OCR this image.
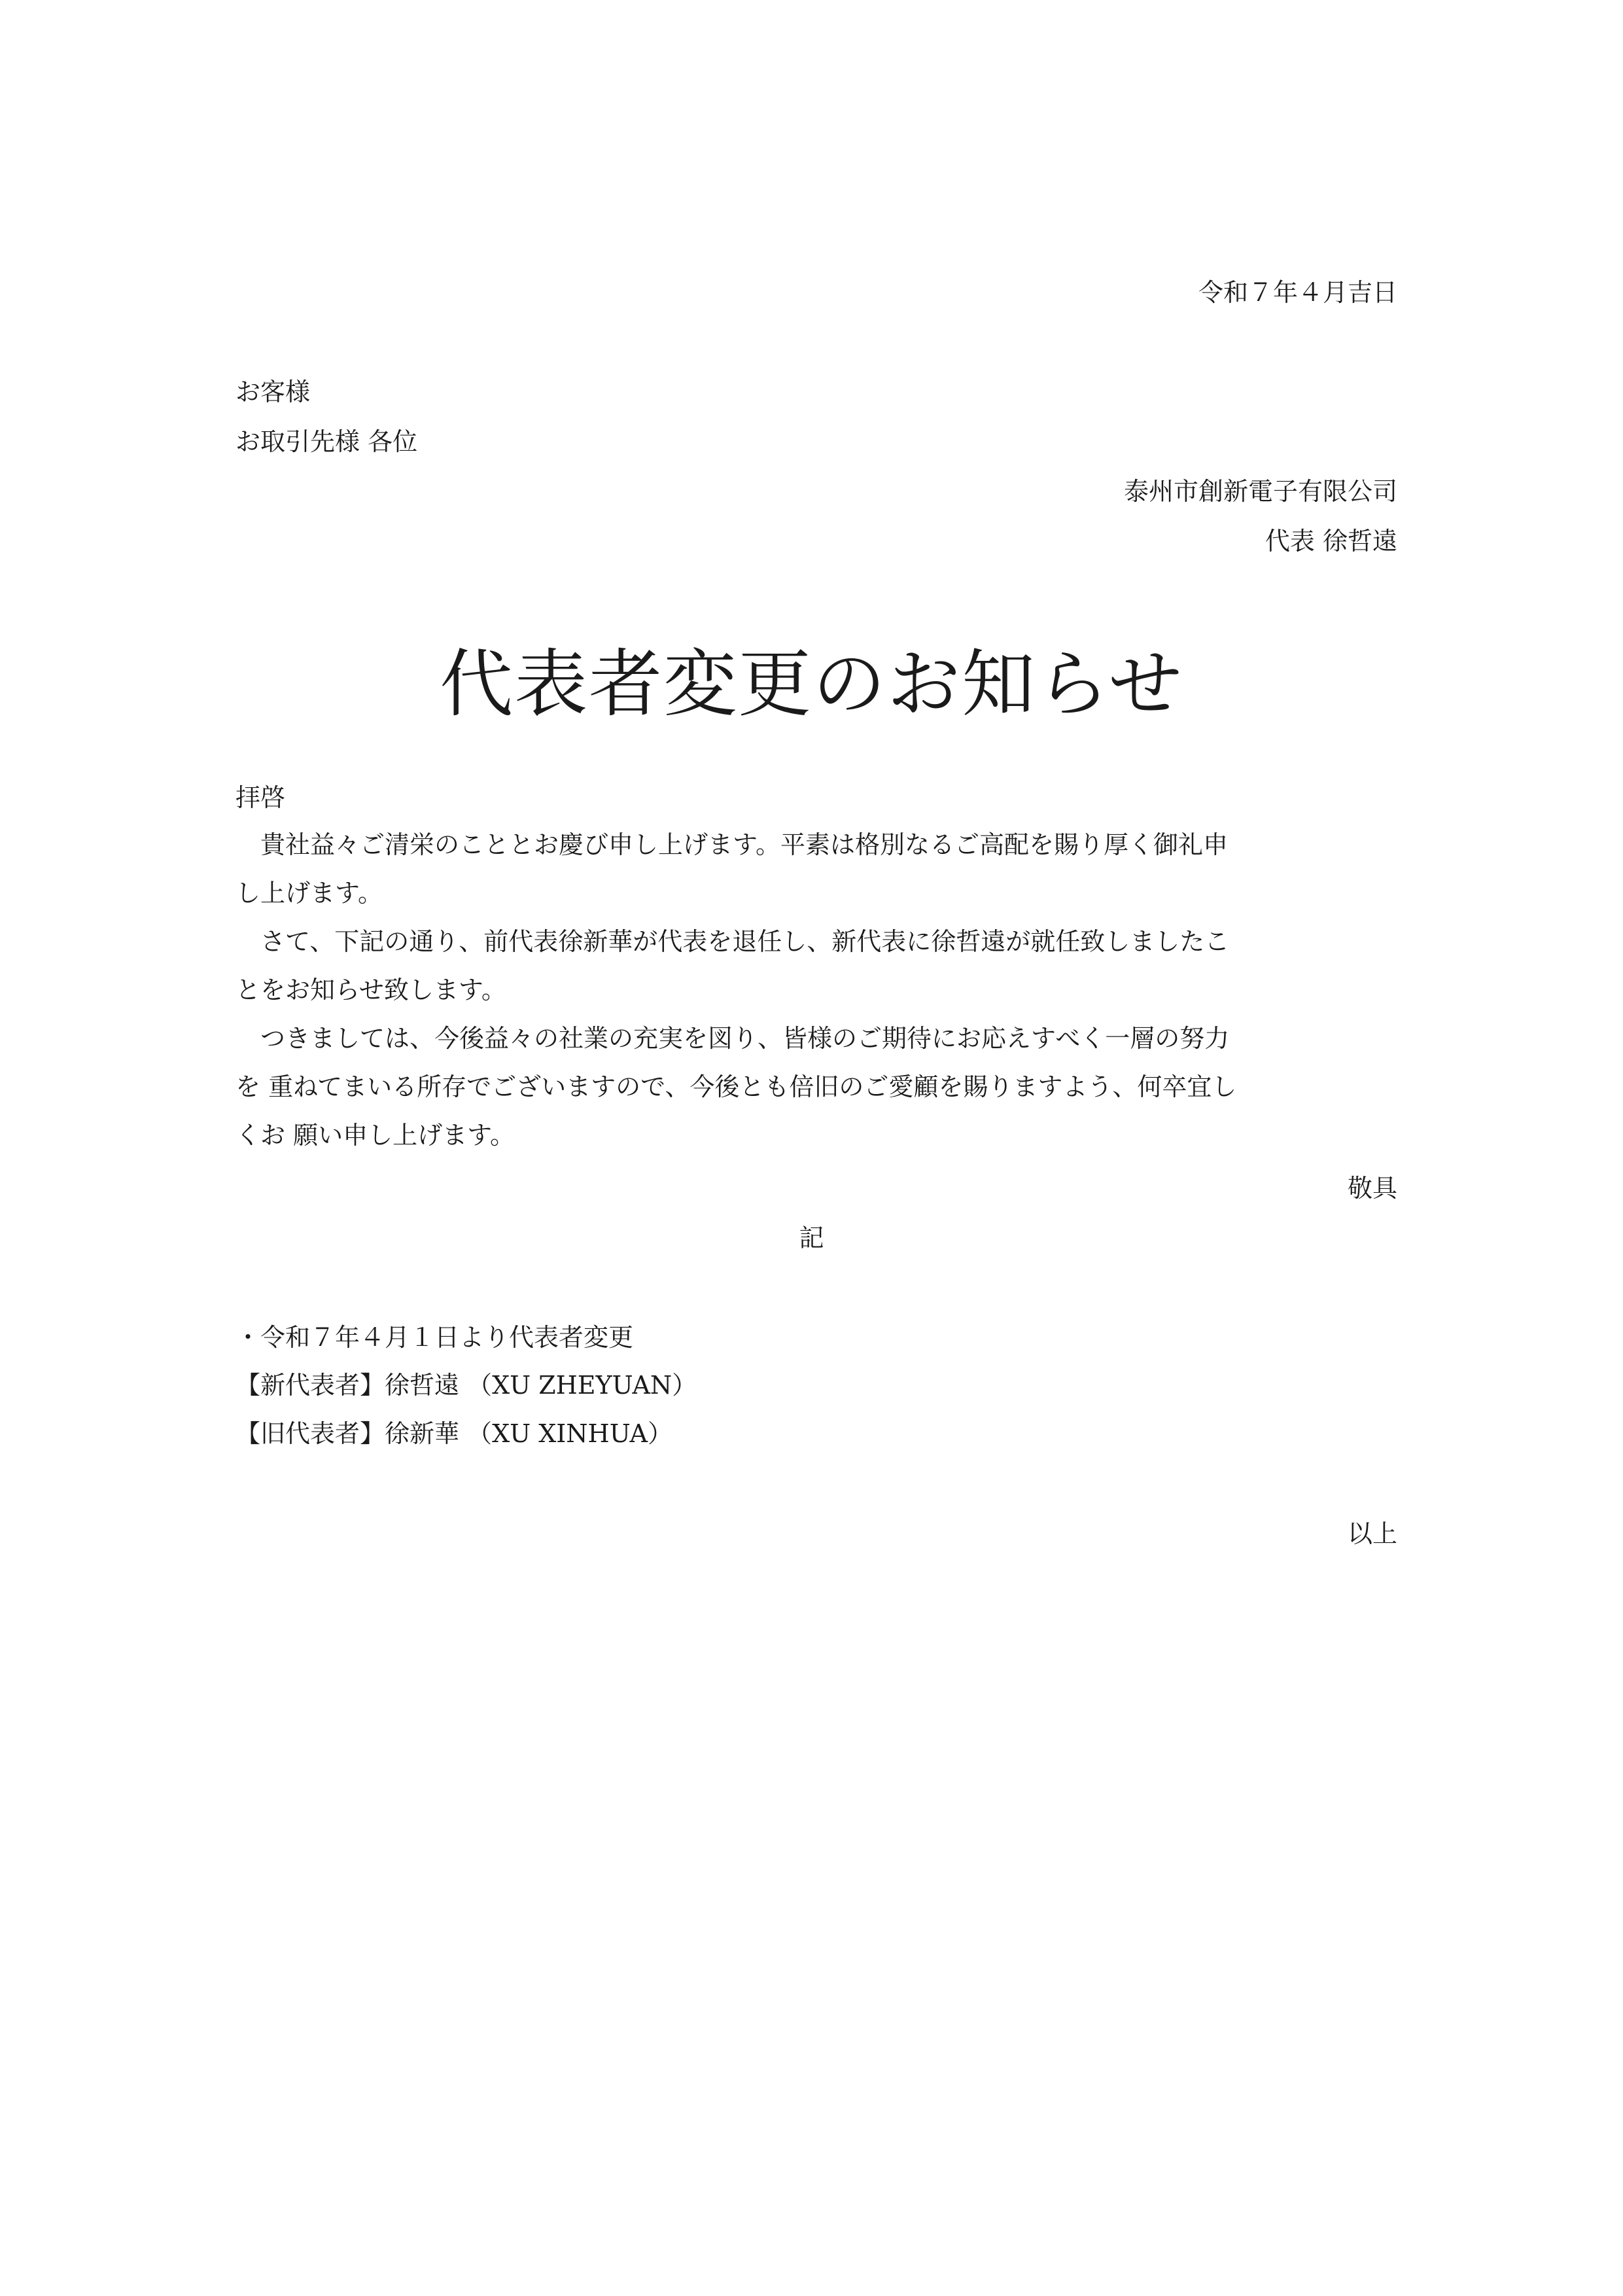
令和７年４月吉日
お客様
お取引先様 各位
泰州市創新電子有限公司
代表 徐哲遠
代表者変更のお知らせ
拝啓
　貴社益々ご清栄のこととお慶び申し上げます。平素は格別なるご高配を賜り厚く御礼申
し上げます。
　さて、下記の通り、前代表徐新華が代表を退任し、新代表に徐哲遠が就任致しましたこ
とをお知らせ致します。
　つきましては、今後益々の社業の充実を図り、皆様のご期待にお応えすべく一層の努力
を 重ねてまいる所存でございますので、今後とも倍旧のご愛顧を賜りますよう、何卒宜し
くお 願い申し上げます。
敬具
記
・令和７年４月１日より代表者変更
【新代表者】徐哲遠 （XU ZHEYUAN）
【旧代表者】徐新華 （XU XINHUA）
以上
